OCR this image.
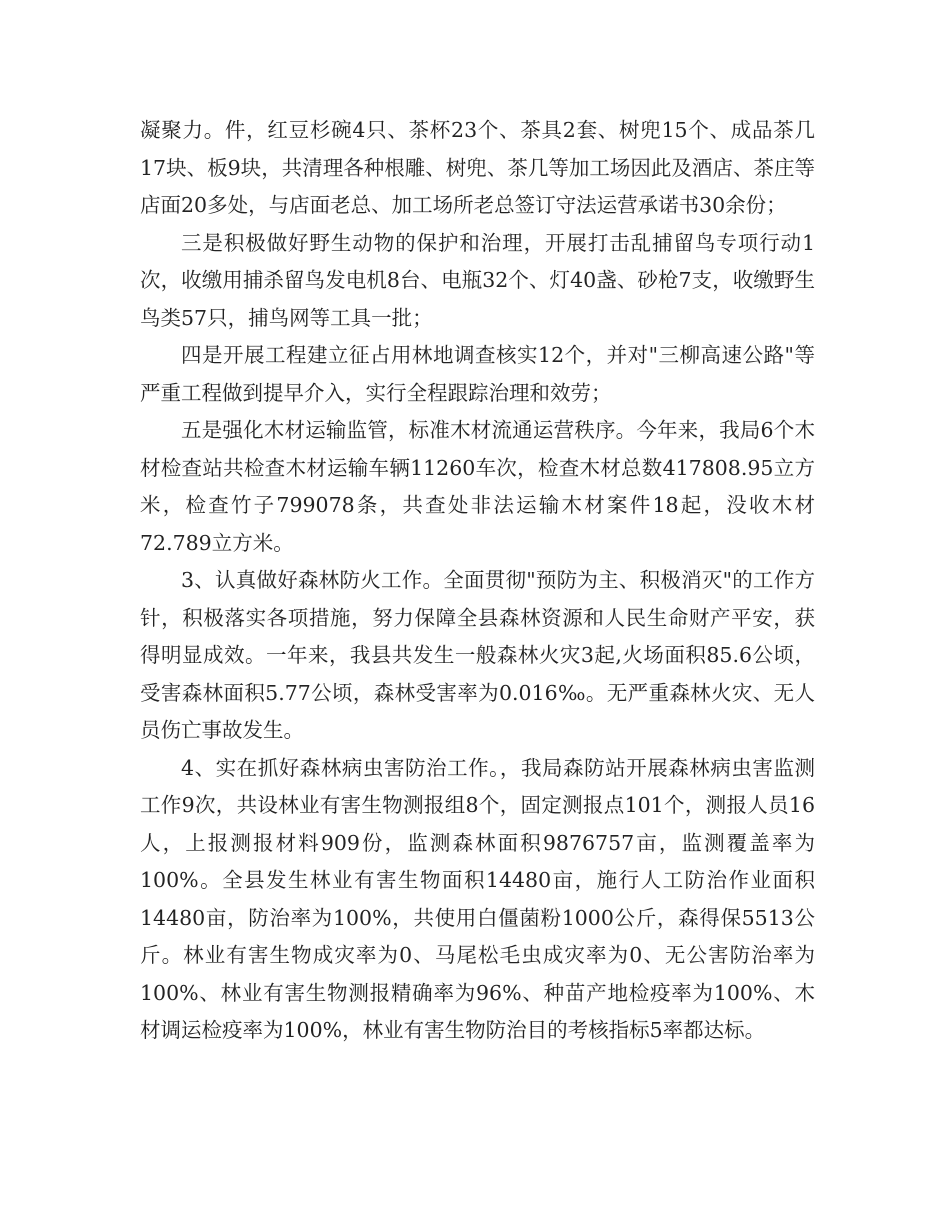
凝聚力。件，红豆杉碗4只、茶杯23个、茶具2套、树兜15个、成品茶几17块、板9块，共清理各种根雕、树兜、茶几等加工场因此及酒店、茶庄等店面20多处，与店面老总、加工场所老总签订守法运营承诺书30余份；

三是积极做好野生动物的保护和治理，开展打击乱捕留鸟专项行动1次，收缴用捕杀留鸟发电机8台、电瓶32个、灯40盏、砂枪7支，收缴野生鸟类57只，捕鸟网等工具一批；

四是开展工程建立征占用林地调查核实12个，并对"三柳高速公路"等严重工程做到提早介入，实行全程跟踪治理和效劳；

五是强化木材运输监管，标准木材流通运营秩序。今年来，我局6个木材检查站共检查木材运输车辆11260车次，检查木材总数417808.95立方米，检查竹子799078条，共查处非法运输木材案件18起，没收木材72.789立方米。

3、认真做好森林防火工作。全面贯彻"预防为主、积极消灭"的工作方针，积极落实各项措施，努力保障全县森林资源和人民生命财产平安，获得明显成效。一年来，我县共发生一般森林火灾3起,火场面积85.6公顷，受害森林面积5.77公顷，森林受害率为0.016‰。无严重森林火灾、无人员伤亡事故发生。

4、实在抓好森林病虫害防治工作。，我局森防站开展森林病虫害监测工作9次，共设林业有害生物测报组8个，固定测报点101个，测报人员16人，上报测报材料909份，监测森林面积9876757亩，监测覆盖率为100%。全县发生林业有害生物面积14480亩，施行人工防治作业面积14480亩，防治率为100%，共使用白僵菌粉1000公斤，森得保5513公斤。林业有害生物成灾率为0、马尾松毛虫成灾率为0、无公害防治率为100%、林业有害生物测报精确率为96%、种苗产地检疫率为100%、木材调运检疫率为100%，林业有害生物防治目的考核指标5率都达标。
